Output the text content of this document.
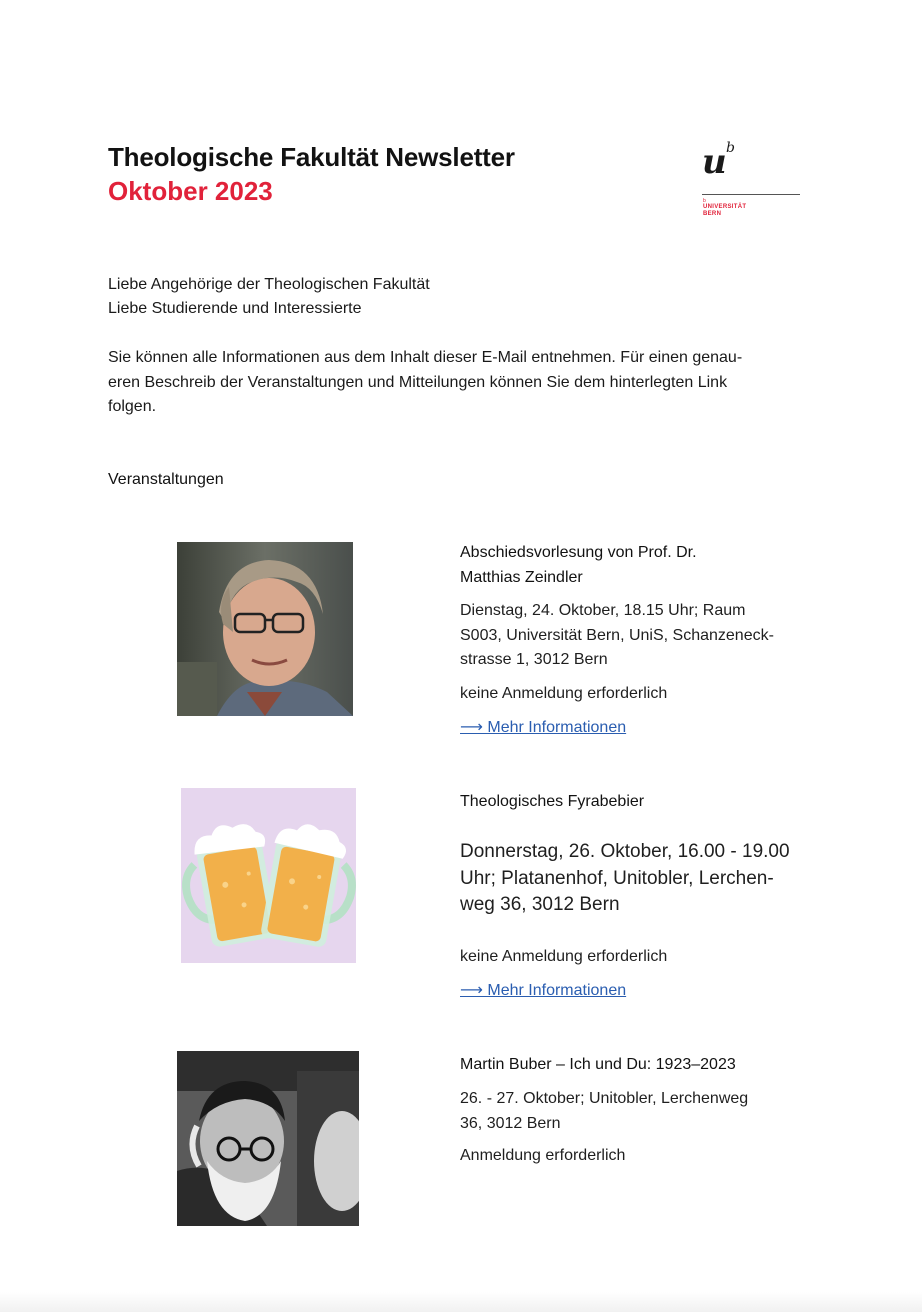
Theologische Fakultät Newsletter
Oktober 2023
u b
b
UNIVERSITÄT
BERN
Liebe Angehörige der Theologischen Fakultät
Liebe Studierende und Interessierte
Sie können alle Informationen aus dem Inhalt dieser E-Mail entnehmen. Für einen genau-
eren Beschreib der Veranstaltungen und Mitteilungen können Sie dem hinterlegten Link
folgen.
Veranstaltungen
Abschiedsvorlesung von Prof. Dr.
Matthias Zeindler
Dienstag, 24. Oktober, 18.15 Uhr; Raum
S003, Universität Bern, UniS, Schanzeneck-
strasse 1, 3012 Bern
keine Anmeldung erforderlich
⟶ Mehr Informationen
Theologisches Fyrabebier
Donnerstag, 26. Oktober, 16.00 - 19.00
Uhr; Platanenhof, Unitobler, Lerchen-
weg 36, 3012 Bern
keine Anmeldung erforderlich
⟶ Mehr Informationen
Martin Buber – Ich und Du: 1923–2023
26. - 27. Oktober; Unitobler, Lerchenweg
36, 3012 Bern
Anmeldung erforderlich
